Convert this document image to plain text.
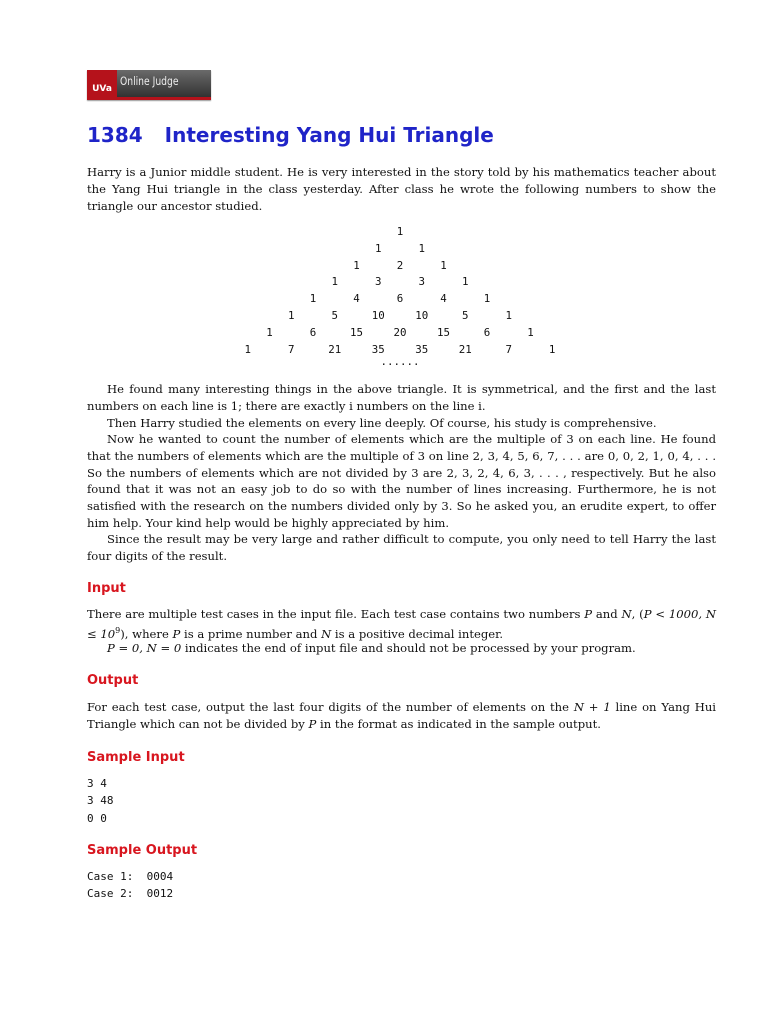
UVa
Online Judge
1384 Interesting Yang Hui Triangle

Harry is a Junior middle student. He is very interested in the story told by his mathematics teacher about the Yang Hui triangle in the class yesterday. After class he wrote the following numbers to show the triangle our ancestor studied.

1
1	1
1	2	1
1	3	3	1
1	4	6	4	1
1	5	10	10	5	1
1	6	15	20	15	6	1
1	7	21	35	35	21	7	1
......

He found many interesting things in the above triangle. It is symmetrical, and the first and the last numbers on each line is 1; there are exactly i numbers on the line i.

Then Harry studied the elements on every line deeply. Of course, his study is comprehensive.

Now he wanted to count the number of elements which are the multiple of 3 on each line. He found that the numbers of elements which are the multiple of 3 on line 2, 3, 4, 5, 6, 7, . . . are 0, 0, 2, 1, 0, 4, . . . So the numbers of elements which are not divided by 3 are 2, 3, 2, 4, 6, 3, . . . , respectively. But he also found that it was not an easy job to do so with the number of lines increasing. Furthermore, he is not satisfied with the research on the numbers divided only by 3. So he asked you, an erudite expert, to offer him help. Your kind help would be highly appreciated by him.

Since the result may be very large and rather difficult to compute, you only need to tell Harry the last four digits of the result.

Input

There are multiple test cases in the input file. Each test case contains two numbers P and N, (P < 1000, $N \le 10^9$), where P is a prime number and N is a positive decimal integer.

P = 0, N = 0 indicates the end of input file and should not be processed by your program.

Output

For each test case, output the last four digits of the number of elements on the N + 1 line on Yang Hui Triangle which can not be divided by P in the format as indicated in the sample output.

Sample Input
3 4
3 48
0 0
Sample Output
Case 1:  0004
Case 2:  0012
